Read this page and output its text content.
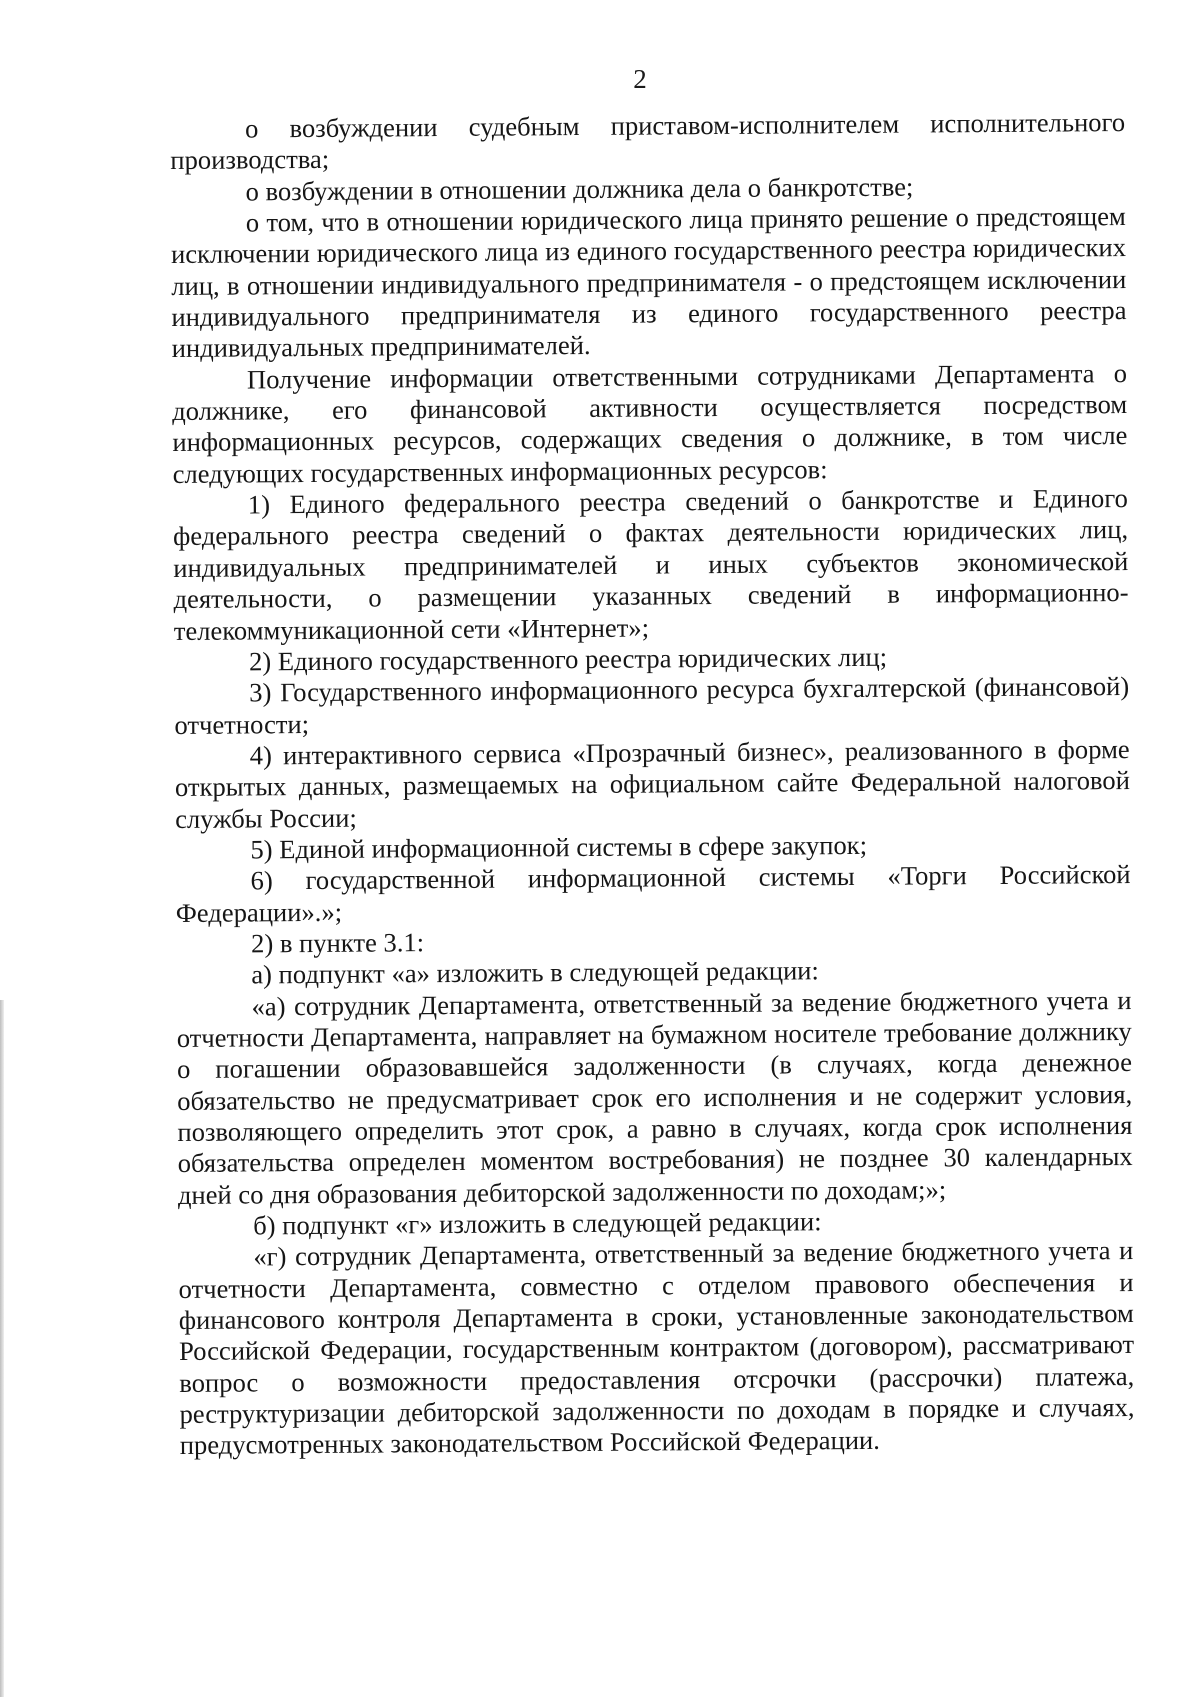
2

о возбуждении судебным приставом-исполнителем исполнительного производства;

о возбуждении в отношении должника дела о банкротстве;

о том, что в отношении юридического лица принято решение о предстоящем исключении юридического лица из единого государственного реестра юридических лиц, в отношении индивидуального предпринимателя - о предстоящем исключении индивидуального предпринимателя из единого государственного реестра индивидуальных предпринимателей.

Получение информации ответственными сотрудниками Департамента о должнике, его финансовой активности осуществляется посредством информационных ресурсов, содержащих сведения о должнике, в том числе следующих государственных информационных ресурсов:

1) Единого федерального реестра сведений о банкротстве и Единого федерального реестра сведений о фактах деятельности юридических лиц, индивидуальных предпринимателей и иных субъектов экономической деятельности, о размещении указанных сведений в информационно-телекоммуникационной сети «Интернет»;

2) Единого государственного реестра юридических лиц;

3) Государственного информационного ресурса бухгалтерской (финансовой) отчетности;

4) интерактивного сервиса «Прозрачный бизнес», реализованного в форме открытых данных, размещаемых на официальном сайте Федеральной налоговой службы России;

5) Единой информационной системы в сфере закупок;

6) государственной информационной системы «Торги Российской Федерации».»;

2) в пункте 3.1:

а) подпункт «а» изложить в следующей редакции:

«а) сотрудник Департамента, ответственный за ведение бюджетного учета и отчетности Департамента, направляет на бумажном носителе требование должнику о погашении образовавшейся задолженности (в случаях, когда денежное обязательство не предусматривает срок его исполнения и не содержит условия, позволяющего определить этот срок, а равно в случаях, когда срок исполнения обязательства определен моментом востребования) не позднее 30 календарных дней со дня образования дебиторской задолженности по доходам;»;

б) подпункт «г» изложить в следующей редакции:

«г) сотрудник Департамента, ответственный за ведение бюджетного учета и отчетности Департамента, совместно с отделом правового обеспечения и финансового контроля Департамента в сроки, установленные законодательством Российской Федерации, государственным контрактом (договором), рассматривают вопрос о возможности предоставления отсрочки (рассрочки) платежа, реструктуризации дебиторской задолженности по доходам в порядке и случаях, предусмотренных законодательством Российской Федерации.
